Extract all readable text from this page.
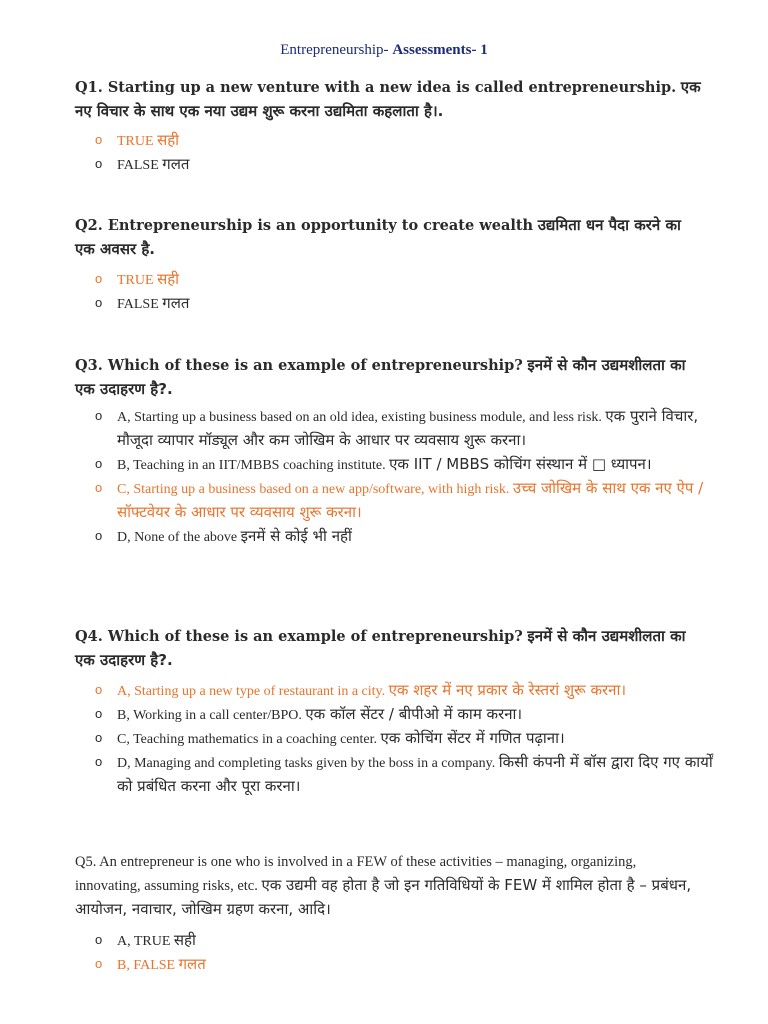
Entrepreneurship- Assessments- 1
Q1. Starting up a new venture with a new idea is called entrepreneurship. एक नए विचार के साथ एक नया उद्यम शुरू करना उद्यमिता कहलाता है।.
o TRUE सही
o FALSE गलत
Q2. Entrepreneurship is an opportunity to create wealth उद्यमिता धन पैदा करने का एक अवसर है.
o TRUE सही
o FALSE गलत
Q3. Which of these is an example of entrepreneurship? इनमें से कौन उद्यमशीलता का एक उदाहरण है?.
o A, Starting up a business based on an old idea, existing business module, and less risk. एक पुराने विचार, मौजूदा व्यापार मॉड्यूल और कम जोखिम के आधार पर व्यवसाय शुरू करना।
o B, Teaching in an IIT/MBBS coaching institute. एक IIT / MBBS कोचिंग संस्थान में □ ध्यापन।
o C, Starting up a business based on a new app/software, with high risk. उच्च जोखिम के साथ एक नए ऐप / सॉफ्टवेयर के आधार पर व्यवसाय शुरू करना।
o D, None of the above इनमें से कोई भी नहीं
Q4. Which of these is an example of entrepreneurship? इनमें से कौन उद्यमशीलता का एक उदाहरण है?.
o A, Starting up a new type of restaurant in a city. एक शहर में नए प्रकार के रेस्तरां शुरू करना।
o B, Working in a call center/BPO. एक कॉल सेंटर / बीपीओ में काम करना।
o C, Teaching mathematics in a coaching center. एक कोचिंग सेंटर में गणित पढ़ाना।
o D, Managing and completing tasks given by the boss in a company. किसी कंपनी में बॉस द्वारा दिए गए कार्यों को प्रबंधित करना और पूरा करना।
Q5. An entrepreneur is one who is involved in a FEW of these activities – managing, organizing, innovating, assuming risks, etc. एक उद्यमी वह होता है जो इन गतिविधियों के FEW में शामिल होता है – प्रबंधन, आयोजन, नवाचार, जोखिम ग्रहण करना, आदि।
o A, TRUE सही
o B, FALSE गलत
